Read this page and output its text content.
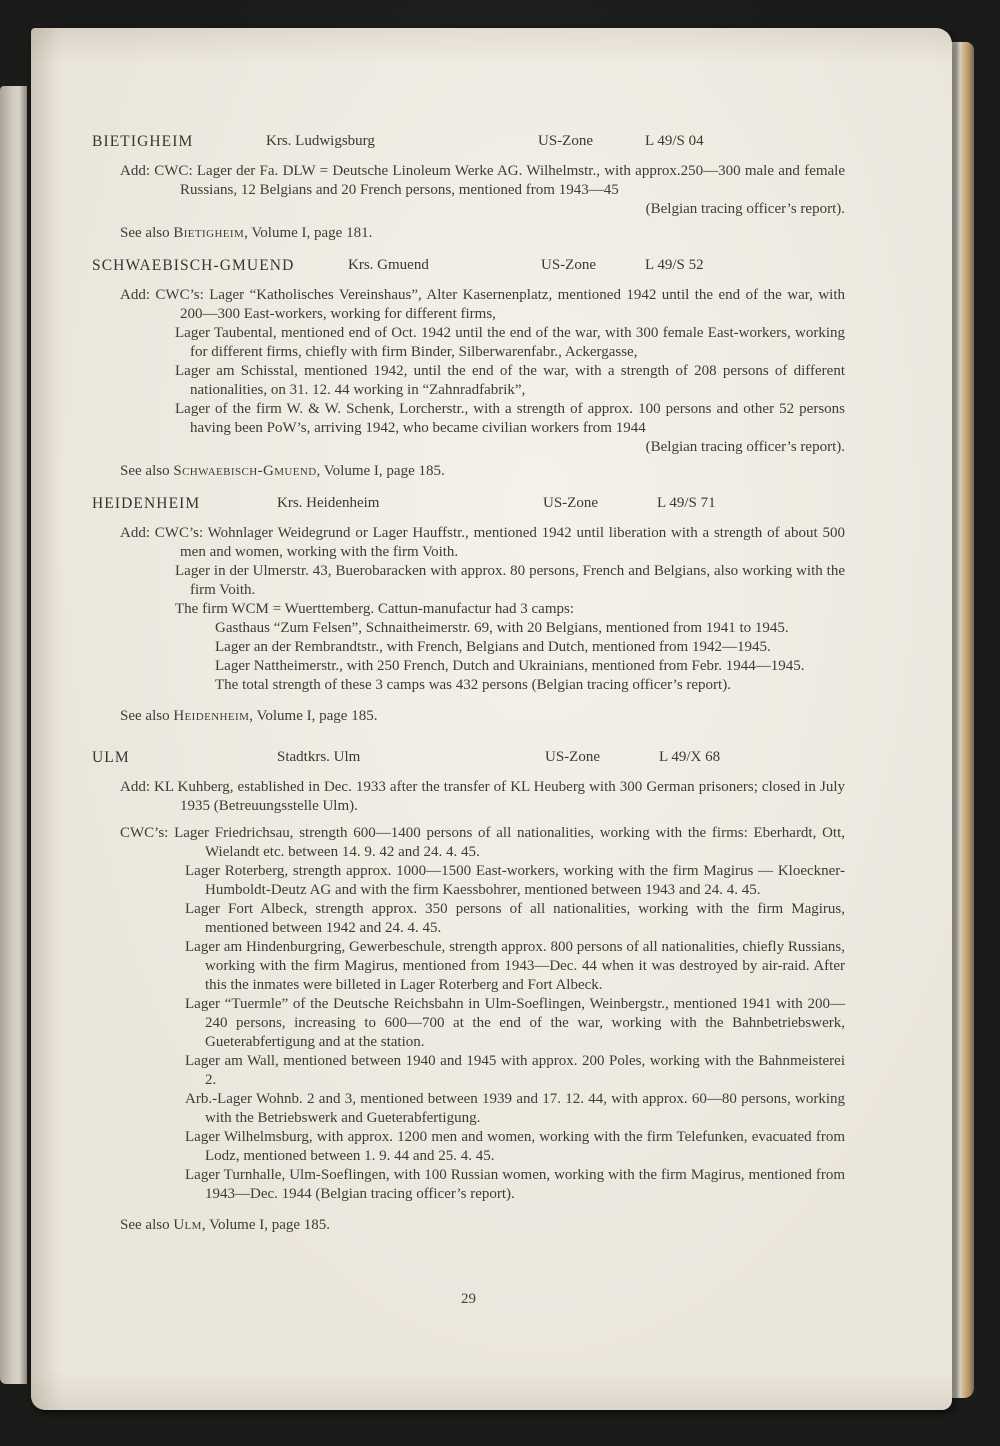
BIETIGHEIM	Krs. Ludwigsburg	US-Zone	L 49/S 04

Add: CWC: Lager der Fa. DLW = Deutsche Linoleum Werke AG. Wilhelmstr., with approx.250—300 male and female Russians, 12 Belgians and 20 French persons, mentioned from 1943—45

(Belgian tracing officer’s report).

See also Bietigheim, Volume I, page 181.

SCHWAEBISCH-GMUEND	Krs. Gmuend	US-Zone	L 49/S 52

Add: CWC’s: Lager “Katholisches Vereinshaus”, Alter Kasernenplatz, mentioned 1942 until the end of the war, with 200—300 East-workers, working for different firms,

Lager Taubental, mentioned end of Oct. 1942 until the end of the war, with 300 female East-workers, working for different firms, chiefly with firm Binder, Silberwarenfabr., Ackergasse,

Lager am Schisstal, mentioned 1942, until the end of the war, with a strength of 208 persons of different nationalities, on 31. 12. 44 working in “Zahnradfabrik”,

Lager of the firm W. & W. Schenk, Lorcherstr., with a strength of approx. 100 persons and other 52 persons having been PoW’s, arriving 1942, who became civilian workers from 1944

(Belgian tracing officer’s report).

See also Schwaebisch-Gmuend, Volume I, page 185.

HEIDENHEIM	Krs. Heidenheim	US-Zone	L 49/S 71

Add: CWC’s: Wohnlager Weidegrund or Lager Hauffstr., mentioned 1942 until liberation with a strength of about 500 men and women, working with the firm Voith.

Lager in der Ulmerstr. 43, Buerobaracken with approx. 80 persons, French and Belgians, also working with the firm Voith.

The firm WCM = Wuerttemberg. Cattun-manufactur had 3 camps:

Gasthaus “Zum Felsen”, Schnaitheimerstr. 69, with 20 Belgians, mentioned from 1941 to 1945.

Lager an der Rembrandtstr., with French, Belgians and Dutch, mentioned from 1942—1945.

Lager Nattheimerstr., with 250 French, Dutch and Ukrainians, mentioned from Febr. 1944—1945.

The total strength of these 3 camps was 432 persons (Belgian tracing officer’s report).

See also Heidenheim, Volume I, page 185.

ULM	Stadtkrs. Ulm	US-Zone	L 49/X 68

Add: KL Kuhberg, established in Dec. 1933 after the transfer of KL Heuberg with 300 German prisoners; closed in July 1935 (Betreuungsstelle Ulm).

CWC’s: Lager Friedrichsau, strength 600—1400 persons of all nationalities, working with the firms: Eberhardt, Ott, Wielandt etc. between 14. 9. 42 and 24. 4. 45.

Lager Roterberg, strength approx. 1000—1500 East-workers, working with the firm Magirus — Kloeckner-Humboldt-Deutz AG and with the firm Kaessbohrer, mentioned between 1943 and 24. 4. 45.

Lager Fort Albeck, strength approx. 350 persons of all nationalities, working with the firm Magirus, mentioned between 1942 and 24. 4. 45.

Lager am Hindenburgring, Gewerbeschule, strength approx. 800 persons of all nationalities, chiefly Russians, working with the firm Magirus, mentioned from 1943—Dec. 44 when it was destroyed by air-raid. After this the inmates were billeted in Lager Roterberg and Fort Albeck.

Lager “Tuermle” of the Deutsche Reichsbahn in Ulm-Soeflingen, Weinbergstr., mentioned 1941 with 200—240 persons, increasing to 600—700 at the end of the war, working with the Bahnbetriebswerk, Gueterabfertigung and at the station.

Lager am Wall, mentioned between 1940 and 1945 with approx. 200 Poles, working with the Bahnmeisterei 2.

Arb.-Lager Wohnb. 2 and 3, mentioned between 1939 and 17. 12. 44, with approx. 60—80 persons, working with the Betriebswerk and Gueterabfertigung.

Lager Wilhelmsburg, with approx. 1200 men and women, working with the firm Telefunken, evacuated from Lodz, mentioned between 1. 9. 44 and 25. 4. 45.

Lager Turnhalle, Ulm-Soeflingen, with 100 Russian women, working with the firm Magirus, mentioned from 1943—Dec. 1944 (Belgian tracing officer’s report).

See also Ulm, Volume I, page 185.

29
